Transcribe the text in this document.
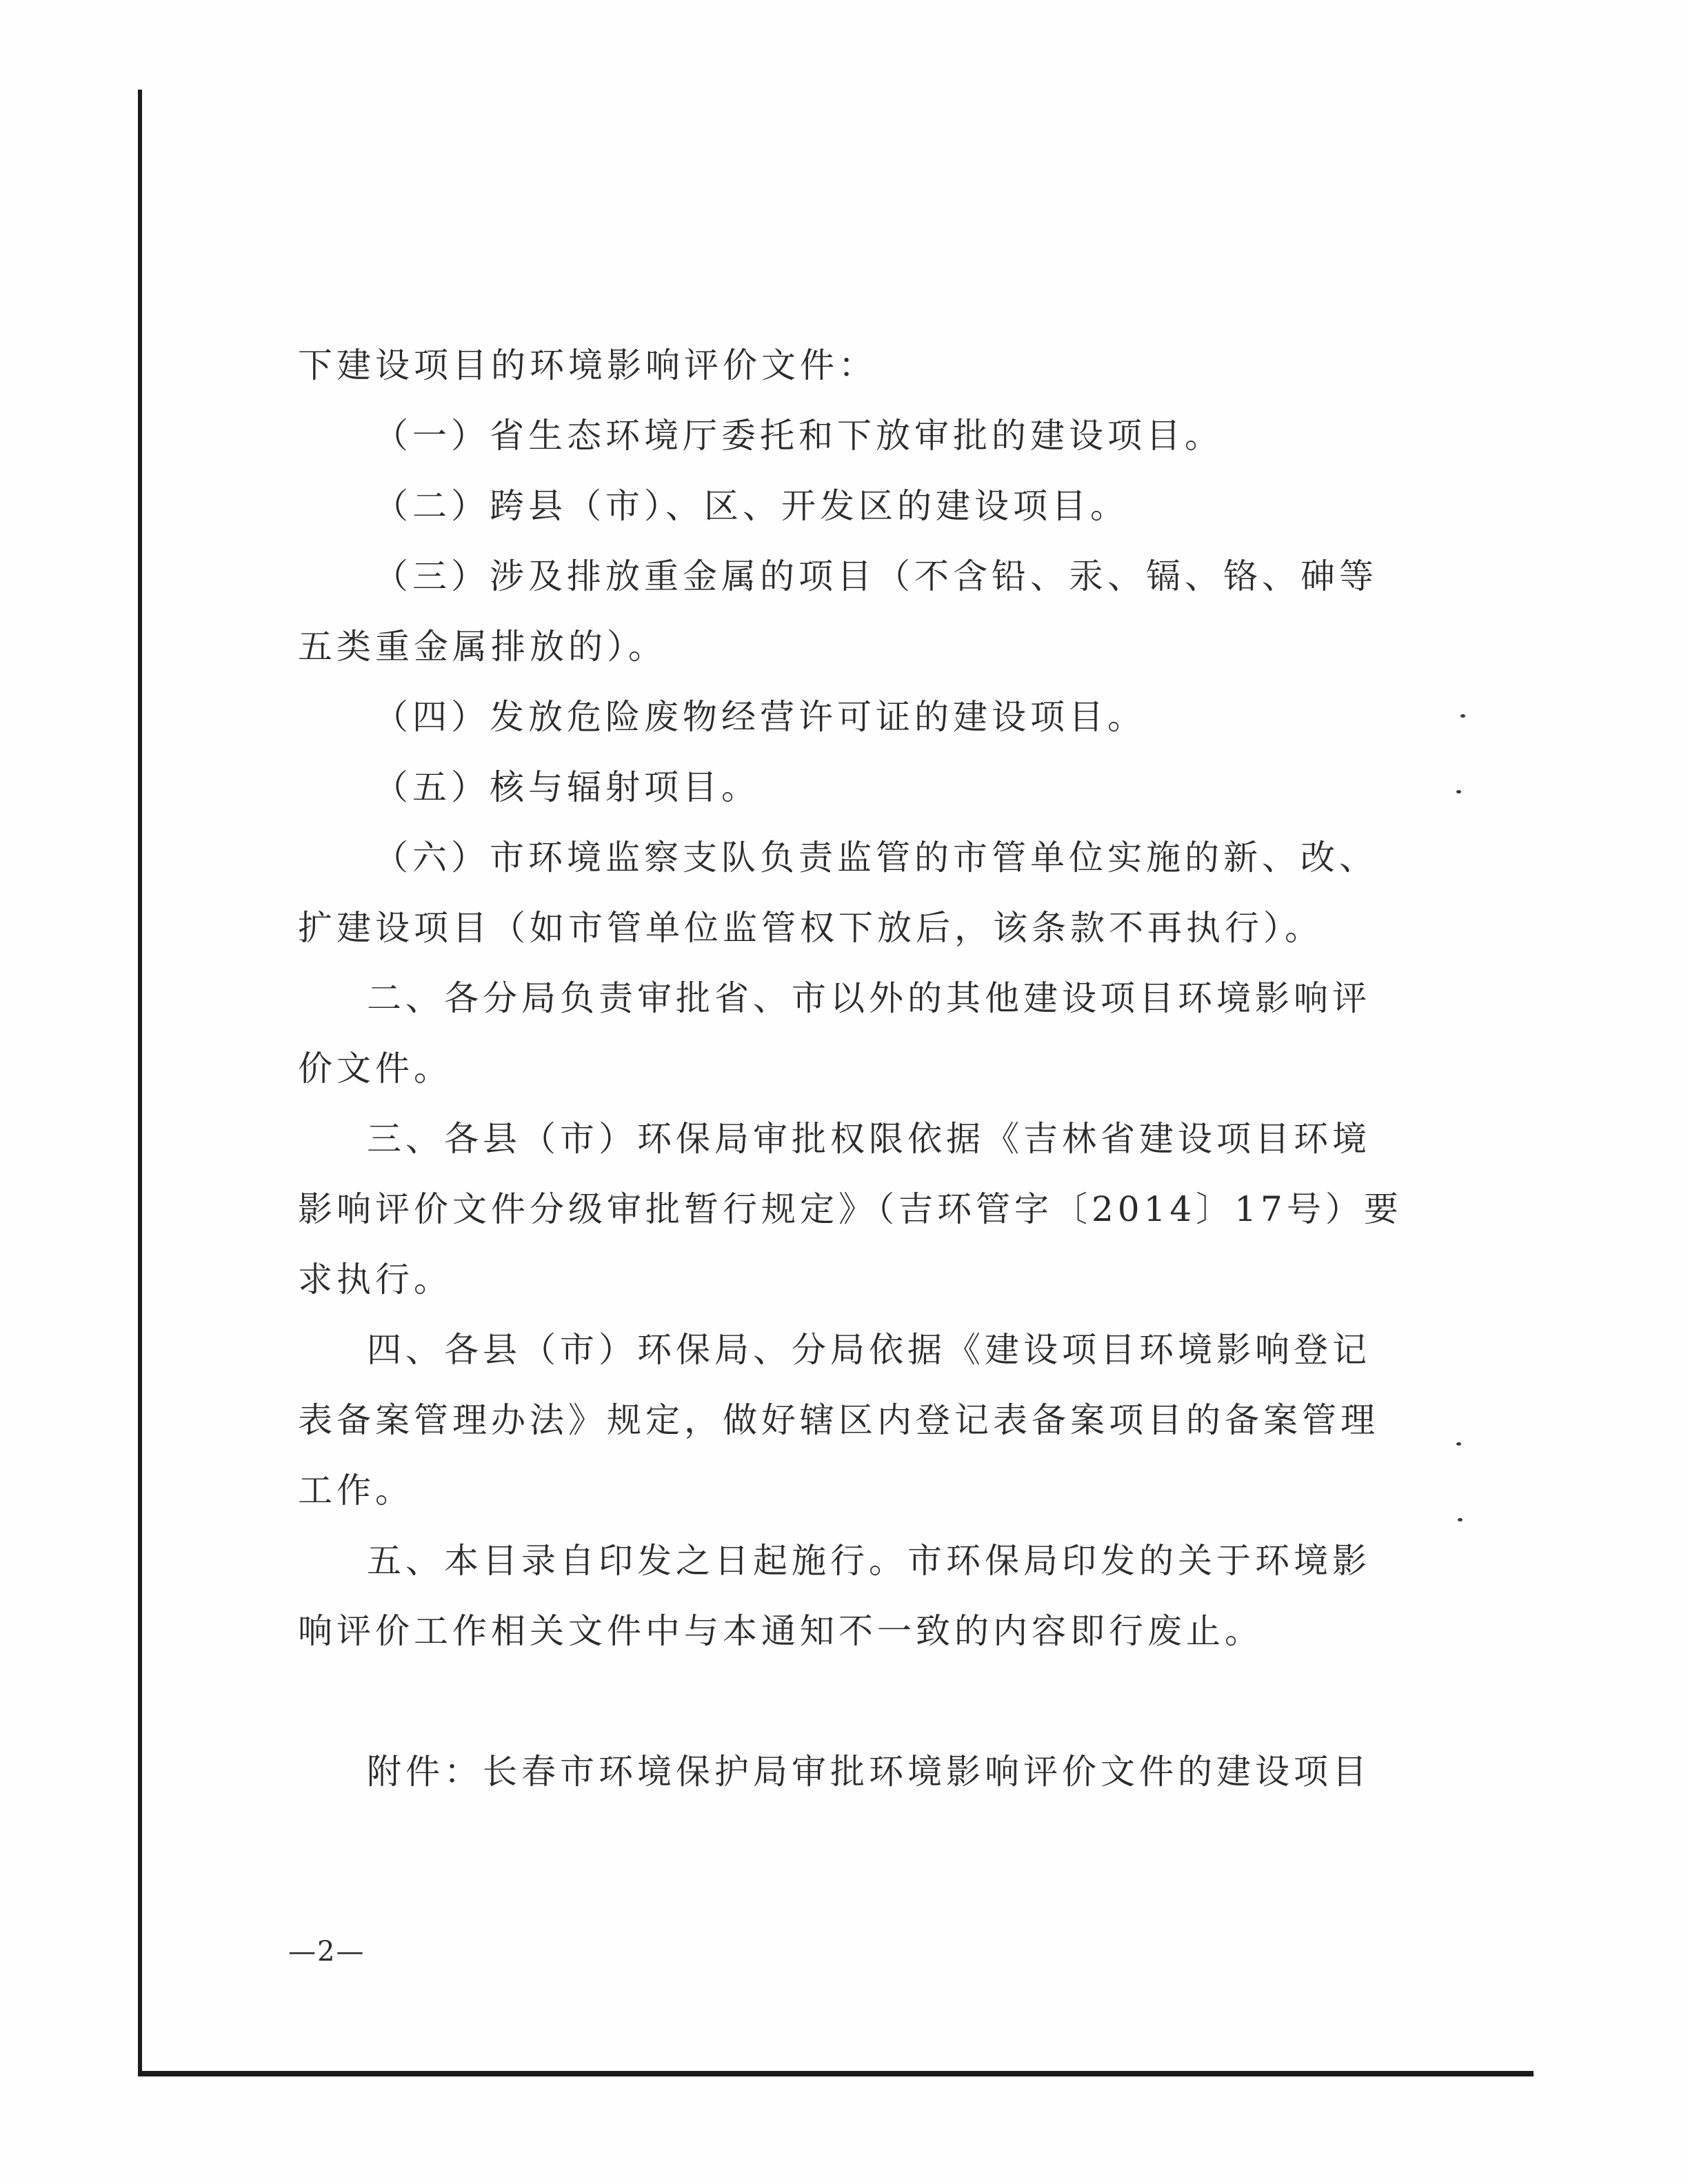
下建设项目的环境影响评价文件：
（一）省生态环境厅委托和下放审批的建设项目。
（二）跨县（市）、区、开发区的建设项目。
（三）涉及排放重金属的项目（不含铅、汞、镉、铬、砷等
五类重金属排放的）。
（四）发放危险废物经营许可证的建设项目。
（五）核与辐射项目。
（六）市环境监察支队负责监管的市管单位实施的新、改、
扩建设项目（如市管单位监管权下放后，该条款不再执行）。
二、各分局负责审批省、市以外的其他建设项目环境影响评
价文件。
三、各县（市）环保局审批权限依据《吉林省建设项目环境
影响评价文件分级审批暂行规定》（吉环管字〔2014〕17号）要
求执行。
四、各县（市）环保局、分局依据《建设项目环境影响登记
表备案管理办法》规定，做好辖区内登记表备案项目的备案管理
工作。
五、本目录自印发之日起施行。市环保局印发的关于环境影
响评价工作相关文件中与本通知不一致的内容即行废止。
附件：长春市环境保护局审批环境影响评价文件的建设项目
—2—
